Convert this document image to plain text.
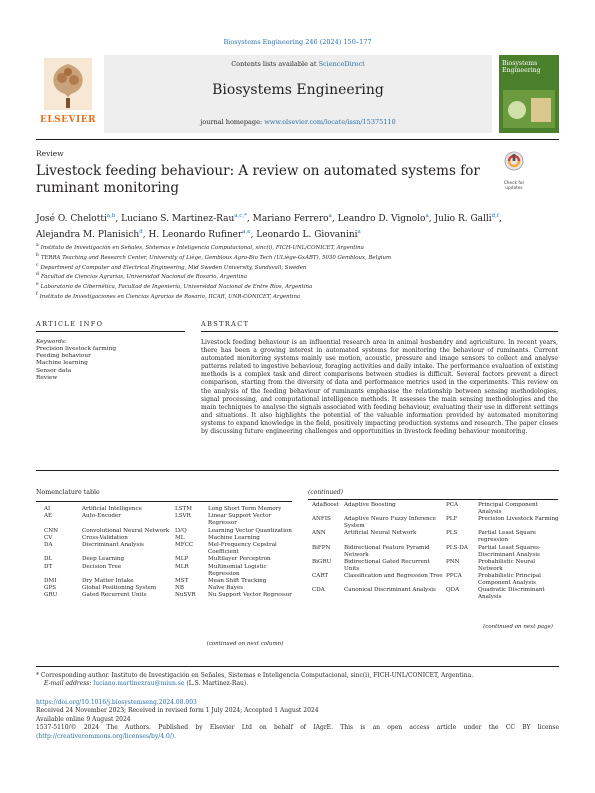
Biosystems Engineering 246 (2024) 150–177
ELSEVIER
Contents lists available at ScienceDirect
Biosystems Engineering
journal homepage: www.elsevier.com/locate/issn/15375110
Biosystems Engineering
Review
Livestock feeding behaviour: A review on automated systems for ruminant monitoring	Check for updates
José O. Chelotti$^{a,b}$, Luciano S. Martinez-Rau$^{a,c,*}$, Mariano Ferrero$^a$, Leandro D. Vignolo$^a$, Julio R. Galli$^{d,f}$, Alejandra M. Planisich$^d$, H. Leonardo Rufiner$^{a,e}$, Leonardo L. Giovanini$^a$
$^a$ Instituto de Investigación en Señales, Sistemas e Inteligencia Computacional, sinc(i), FICH-UNL/CONICET, Argentina
$^b$ TERRA Teaching and Research Center, University of Liège, Gembloux Agro-Bio Tech (ULiège-GxABT), 5030 Gembloux, Belgium
$^c$ Department of Computer and Electrical Engineering, Mid Sweden University, Sundsvall, Sweden
$^d$ Facultad de Ciencias Agrarias, Universidad Nacional de Rosario, Argentina
$^e$ Laboratorio de Cibernética, Facultad de Ingeniería, Universidad Nacional de Entre Ríos, Argentina
$^f$ Instituto de Investigaciones en Ciencias Agrarias de Rosario, IICAR, UNR-CONICET, Argentina
ARTICLE INFO	ABSTRACT
Keywords:
Precision livestock farming
Feeding behaviour
Machine learning
Sensor data
Review
Livestock feeding behaviour is an influential research area in animal husbandry and agriculture. In recent years, there has been a growing interest in automated systems for monitoring the behaviour of ruminants. Current automated monitoring systems mainly use motion, acoustic, pressure and image sensors to collect and analyse patterns related to ingestive behaviour, foraging activities and daily intake. The performance evaluation of existing methods is a complex task and direct comparisons between studies is difficult. Several factors prevent a direct comparison, starting from the diversity of data and performance metrics used in the experiments. This review on the analysis of the feeding behaviour of ruminants emphasise the relationship between sensing methodologies, signal processing, and computational intelligence methods. It assesses the main sensing methodologies and the main techniques to analyse the signals associated with feeding behaviour, evaluating their use in different settings and situations. It also highlights the potential of the valuable information provided by automated monitoring systems to expand knowledge in the field, positively impacting production systems and research. The paper closes by discussing future engineering challenges and opportunities in livestock feeding behaviour monitoring.
Nomenclature table
AI	Artificial Intelligence	LSTM	Long Short Term Memory
AE	Auto-Encoder	LSVR	Linear Support Vector Regressor
CNN	Convolutional Neural Network	LVQ	Learning Vector Quantization
CV	Cross-Validation	ML	Machine Learning
DA	Discriminant Analysis	MFCC	Mel-Frequency Cepstral Coefficient
DL	Deep Learning	MLP	Multilayer Perceptron
DT	Decision Tree	MLR	Multinomial Logistic Regression
DMI	Dry Matter Intake	MST	Mean Shift Tracking
GPS	Global Positioning System	NB	Naïve Bayes
GRU	Gated Recurrent Units	NuSVR	Nu Support Vector Regressor
(continued on next column)
(continued)
AdaBoost	Adaptive Boosting	PCA	Principal Component Analysis
ANFIS	Adaptive Neuro Fuzzy Inference System	PLF	Precision Livestock Farming
ANN	Artificial Neural Network	PLS	Partial Least Square regression
BiFPN	Bidirectional Feature Pyramid Network	PLS-DA	Partial Least Squares-Discriminant Analysis
BiGRU	Bidirectional Gated Recurrent Units	PNN	Probabilistic Neural Network
CART	Classification and Regression Tree	PPCA	Probabilistic Principal Component Analysis
CDA	Canonical Discriminant Analysis	QDA	Quadratic Discriminant Analysis
(continued on next page)
* Corresponding author. Instituto de Investigación en Señales, Sistemas e Inteligencia Computacional, sinc(i), FICH-UNL/CONICET, Argentina.
E-mail address: luciano.martinezrau@miun.se (L.S. Martinez-Rau).
https://doi.org/10.1016/j.biosystemseng.2024.08.003
Received 24 November 2023; Received in revised form 1 July 2024; Accepted 1 August 2024
Available online 9 August 2024
1537-5110/© 2024 The Authors. Published by Elsevier Ltd on behalf of IAgrE. This is an open access article under the CC BY license (http://creativecommons.org/licenses/by/4.0/).
